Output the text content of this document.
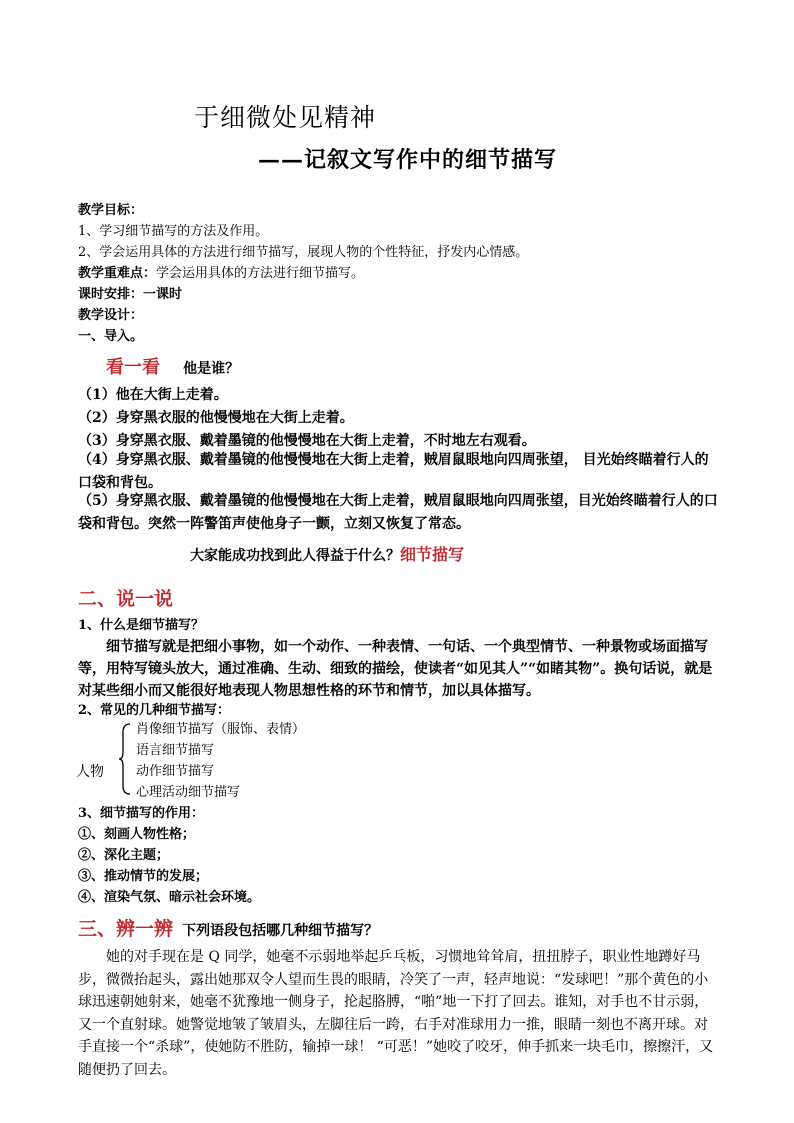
于细微处见精神
——记叙文写作中的细节描写
教学目标：
1、学习细节描写的方法及作用。
2、学会运用具体的方法进行细节描写，展现人物的个性特征，抒发内心情感。
教学重难点：学会运用具体的方法进行细节描写。
课时安排：一课时
教学设计：
一、导入。
看一看 他是谁？
（1）他在大街上走着。
（2）身穿黑衣服的他慢慢地在大街上走着。
（3）身穿黑衣服、戴着墨镜的他慢慢地在大街上走着，不时地左右观看。
（4）身穿黑衣服、戴着墨镜的他慢慢地在大街上走着，贼眉鼠眼地向四周张望， 目光始终瞄着行人的口袋和背包。
（5）身穿黑衣服、戴着墨镜的他慢慢地在大街上走着，贼眉鼠眼地向四周张望，目光始终瞄着行人的口袋和背包。突然一阵警笛声使他身子一颤，立刻又恢复了常态。
大家能成功找到此人得益于什么？细节描写
二、说一说
1、什么是细节描写？
细节描写就是把细小事物，如一个动作、一种表情、一句话、一个典型情节、一种景物或场面描写等，用特写镜头放大，通过准确、生动、细致的描绘，使读者“如见其人”“如睹其物”。换句话说，就是对某些细小而又能很好地表现人物思想性格的环节和情节，加以具体描写。
2、常见的几种细节描写：
人物
肖像细节描写（服饰、表情）
语言细节描写
动作细节描写
心理活动细节描写
3、细节描写的作用：
①、刻画人物性格；
②、深化主题；
③、推动情节的发展；
④、渲染气氛、暗示社会环境。
三、辨一辨 下列语段包括哪几种细节描写？
她的对手现在是 Q 同学，她毫不示弱地举起乒乓板，习惯地耸耸肩，扭扭脖子，职业性地蹲好马步，微微抬起头，露出她那双令人望而生畏的眼睛，冷笑了一声，轻声地说：“发球吧！”那个黄色的小球迅速朝她射来，她毫不犹豫地一侧身子，抡起胳膊，“啪”地一下打了回去。谁知，对手也不甘示弱，又一个直射球。她警觉地皱了皱眉头，左脚往后一跨，右手对准球用力一推，眼睛一刻也不离开球。对手直接一个“杀球”，使她防不胜防，输掉一球！ “可恶！”她咬了咬牙，伸手抓来一块毛巾，擦擦汗，又随便扔了回去。
